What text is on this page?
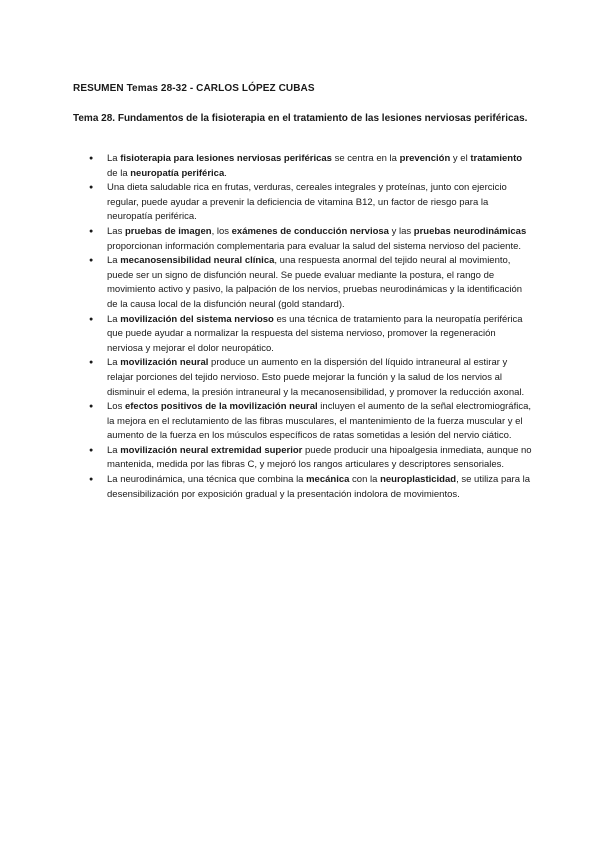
RESUMEN Temas 28-32 - CARLOS LÓPEZ CUBAS
Tema 28. Fundamentos de la fisioterapia en el tratamiento de las lesiones nerviosas periféricas.
● La fisioterapia para lesiones nerviosas periféricas se centra en la prevención y el tratamiento de la neuropatía periférica.
● Una dieta saludable rica en frutas, verduras, cereales integrales y proteínas, junto con ejercicio regular, puede ayudar a prevenir la deficiencia de vitamina B12, un factor de riesgo para la neuropatía periférica.
● Las pruebas de imagen, los exámenes de conducción nerviosa y las pruebas neurodinámicas proporcionan información complementaria para evaluar la salud del sistema nervioso del paciente.
● La mecanosensibilidad neural clínica, una respuesta anormal del tejido neural al movimiento, puede ser un signo de disfunción neural. Se puede evaluar mediante la postura, el rango de movimiento activo y pasivo, la palpación de los nervios, pruebas neurodinámicas y la identificación de la causa local de la disfunción neural (gold standard).
● La movilización del sistema nervioso es una técnica de tratamiento para la neuropatía periférica que puede ayudar a normalizar la respuesta del sistema nervioso, promover la regeneración nerviosa y mejorar el dolor neuropático.
● La movilización neural produce un aumento en la dispersión del líquido intraneural al estirar y relajar porciones del tejido nervioso. Esto puede mejorar la función y la salud de los nervios al disminuir el edema, la presión intraneural y la mecanosensibilidad, y promover la reducción axonal.
● Los efectos positivos de la movilización neural incluyen el aumento de la señal electromiográfica, la mejora en el reclutamiento de las fibras musculares, el mantenimiento de la fuerza muscular y el aumento de la fuerza en los músculos específicos de ratas sometidas a lesión del nervio ciático.
● La movilización neural extremidad superior puede producir una hipoalgesia inmediata, aunque no mantenida, medida por las fibras C, y mejoró los rangos articulares y descriptores sensoriales.
● La neurodinámica, una técnica que combina la mecánica con la neuroplasticidad, se utiliza para la desensibilización por exposición gradual y la presentación indolora de movimientos.
